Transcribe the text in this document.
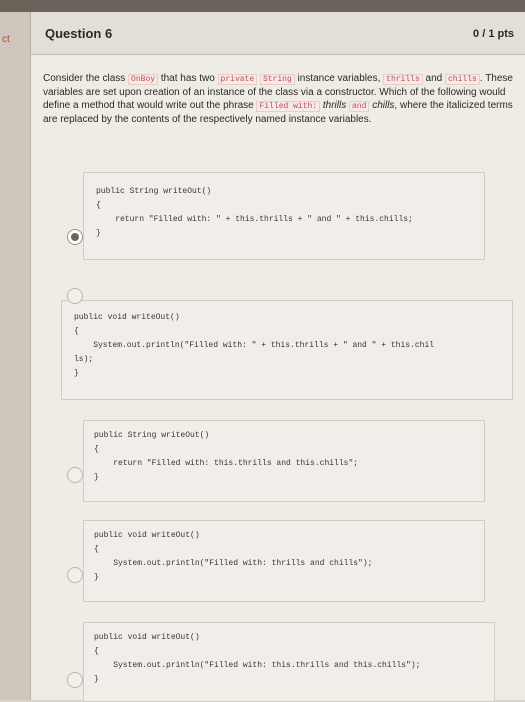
ct	Question 6	0 / 1 pts
Consider the class OnBoy that has two private String instance variables, thrills and chills . These variables are set upon creation of an instance of the class via a constructor. Which of the following would define a method that would write out the phrase Filled with: thrills and chills, where the italicized terms are replaced by the contents of the respectively named instance variables.
public String writeOut()
{
return "Filled with: " + this.thrills + " and " + this.chills;
}
public void writeOut()
{
System.out.println("Filled with: " + this.thrills + " and " + this.chil
ls);
}
public String writeOut()
{
return "Filled with: this.thrills and this.chills";
}
public void writeOut()
{
System.out.println("Filled with: thrills and chills");
}
public void writeOut()
{
System.out.println("Filled with: this.thrills and this.chills");
}
